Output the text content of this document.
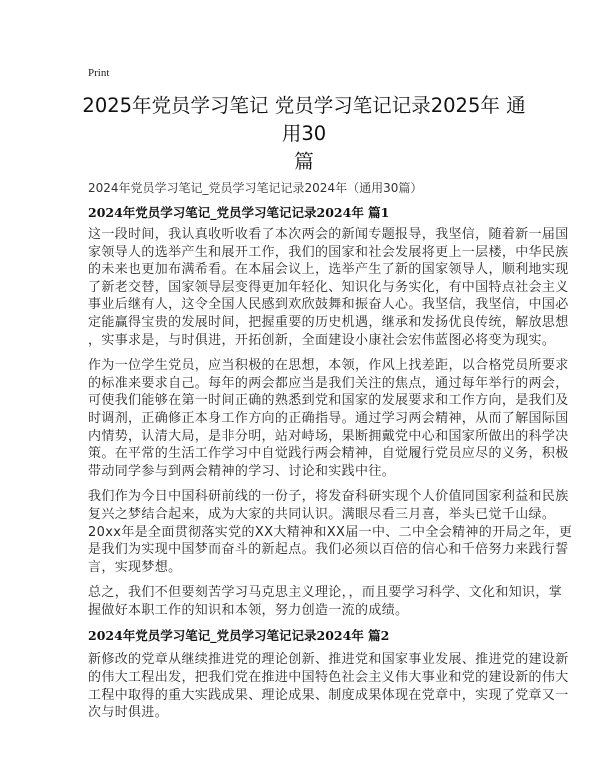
Print
2025年党员学习笔记 党员学习笔记记录2025年 通用30
篇
2024年党员学习笔记_党员学习笔记记录2024年（通用30篇）
2024年党员学习笔记_党员学习笔记记录2024年 篇1
这一段时间，我认真收听收看了本次两会的新闻专题报导，我坚信，随着新一届国
家领导人的选举产生和展开工作，我们的国家和社会发展将更上一层楼，中华民族
的未来也更加布满希看。在本届会议上，选举产生了新的国家领导人，顺利地实现
了新老交替，国家领导层变得更加年轻化、知识化与务实化，有中国特点社会主义
事业后继有人，这令全国人民感到欢欣鼓舞和振奋人心。我坚信，我坚信，中国必
定能赢得宝贵的发展时间，把握重要的历史机遇，继承和发扬优良传统，解放思想
，实事求是，与时俱进，开拓创新，全面建设小康社会宏伟蓝图必将变为现实。
作为一位学生党员，应当积极的在思想，本领，作风上找差距，以合格党员所要求
的标准来要求自己。每年的两会都应当是我们关注的焦点，通过每年举行的两会，
可使我们能够在第一时间正确的熟悉到党和国家的发展要求和工作方向，是我们及
时调剂，正确修正本身工作方向的正确指导。通过学习两会精神，从而了解国际国
内情势，认清大局，是非分明，站对峙场，果断拥戴党中心和国家所做出的科学决
策。在平常的生活工作学习中自觉践行两会精神，自觉履行党员应尽的义务，积极
带动同学参与到两会精神的学习、讨论和实践中往。
我们作为今日中国科研前线的一份子，将发奋科研实现个人价值同国家利益和民族
复兴之梦结合起来，成为大家的共同认识。满眼尽看三月喜，举头已觉千山绿。
20xx年是全面贯彻落实党的XX大精神和XX届一中、二中全会精神的开局之年，更
是我们为实现中国梦而奋斗的新起点。我们必须以百倍的信心和千倍努力来践行誓
言，实现梦想。
总之，我们不但要刻苦学习马克思主义理论，，而且要学习科学、文化和知识，掌
握做好本职工作的知识和本领，努力创造一流的成绩。
2024年党员学习笔记_党员学习笔记记录2024年 篇2
新修改的党章从继续推进党的理论创新、推进党和国家事业发展、推进党的建设新
的伟大工程出发，把我们党在推进中国特色社会主义伟大事业和党的建设新的伟大
工程中取得的重大实践成果、理论成果、制度成果体现在党章中，实现了党章又一
次与时俱进。
